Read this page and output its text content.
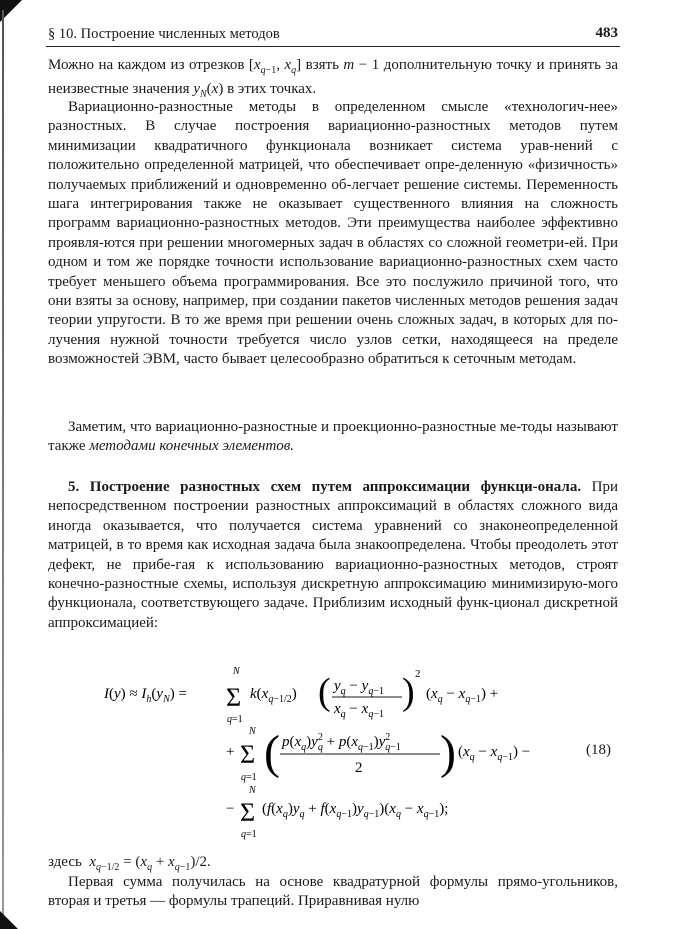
§ 10. Построение численных методов	483

Можно на каждом из отрезков [$x_{q-1}$, $x_q$] взять m − 1 дополнительную точку и принять за неизвестные значения $y_N(x)$ в этих точках.

Вариационно-разностные методы в определенном смысле «технологич-нее» разностных. В случае построения вариационно-разностных методов путем минимизации квадратичного функционала возникает система урав-нений с положительно определенной матрицей, что обеспечивает опре-деленную «физичность» получаемых приближений и одновременно об-легчает решение системы. Переменность шага интегрирования также не оказывает существенного влияния на сложность программ вариационно-разностных методов. Эти преимущества наиболее эффективно проявля-ются при решении многомерных задач в областях со сложной геометри-ей. При одном и том же порядке точности использование вариационно-разностных схем часто требует меньшего объема программирования. Все это послужило причиной того, что они взяты за основу, например, при создании пакетов численных методов решения задач теории упругости. В то же время при решении очень сложных задач, в которых для по-лучения нужной точности требуется число узлов сетки, находящееся на пределе возможностей ЭВМ, часто бывает целесообразно обратиться к сеточным методам.

Заметим, что вариационно-разностные и проекционно-разностные ме-тоды называют также методами конечных элементов.

5. Построение разностных схем путем аппроксимации функци-онала. При непосредственном построении разностных аппроксимаций в областях сложного вида иногда оказывается, что получается система уравнений со знаконеопределенной матрицей, в то время как исходная задача была знакоопределена. Чтобы преодолеть этот дефект, не прибе-гая к использованию вариационно-разностных методов, строят конечно-разностные схемы, используя дискретную аппроксимацию минимизирую-мого функционала, соответствующего задаче. Приблизим исходный функ-ционал дискретной аппроксимацией:

$I(y) \approx I_h(y_N)$ =
N
Σ
q=1
$k(x_{q-1/2})$ ( $y_q - y_{q-1}$
$x_q - x_{q-1}$
) 2
$(x_q - x_{q-1})$ +
+
N
Σ
q=1 ( $p(x_q)y^2$ $q + p(x_{q-1})y^2$ q−1
2 ) $(x_q - x_{q-1})$ −
−
N
Σ
q=1
$(f(x_q)y_q + f(x_{q-1})y_{q-1})(x_q - x_{q-1})$;
(18)

здесь  $x_{q-1/2} = (x_q + x_{q-1})/2$.

Первая сумма получилась на основе квадратурной формулы прямо-угольников, вторая и третья — формулы трапеций. Приравнивая нулю
